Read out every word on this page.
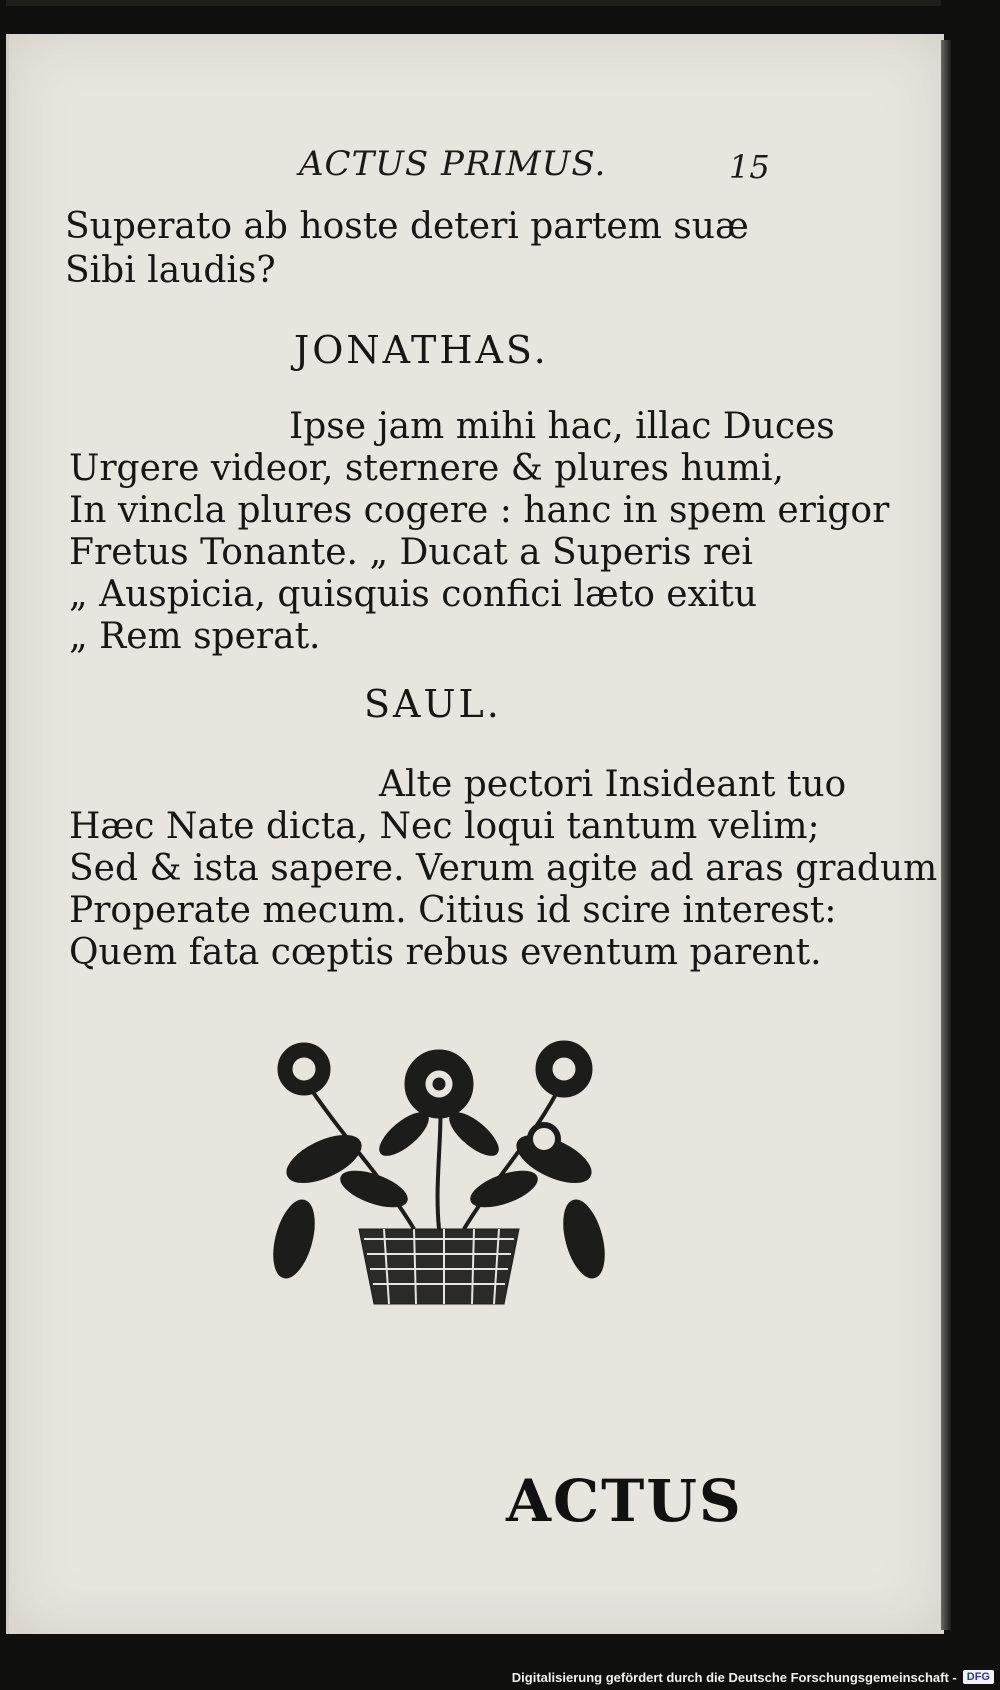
ACTUS PRIMUS.	15
Superato ab hoste deteri partem suæ
Sibi laudis?
JONATHAS.
Ipse jam mihi hac, illac Duces
Urgere videor, sternere & plures humi,
In vincla plures cogere : hanc in spem erigor
Fretus Tonante. „ Ducat a Superis rei
„ Auspicia, quisquis confici læto exitu
„ Rem sperat.
SAUL.
Alte pectori Insideant tuo
Hæc Nate dicta, Nec loqui tantum velim;
Sed & ista sapere. Verum agite ad aras gradum
Properate mecum. Citius id scire interest:
Quem fata cœptis rebus eventum parent.
ACTUS
Digitalisierung gefördert durch die Deutsche Forschungsgemeinschaft - DFG
